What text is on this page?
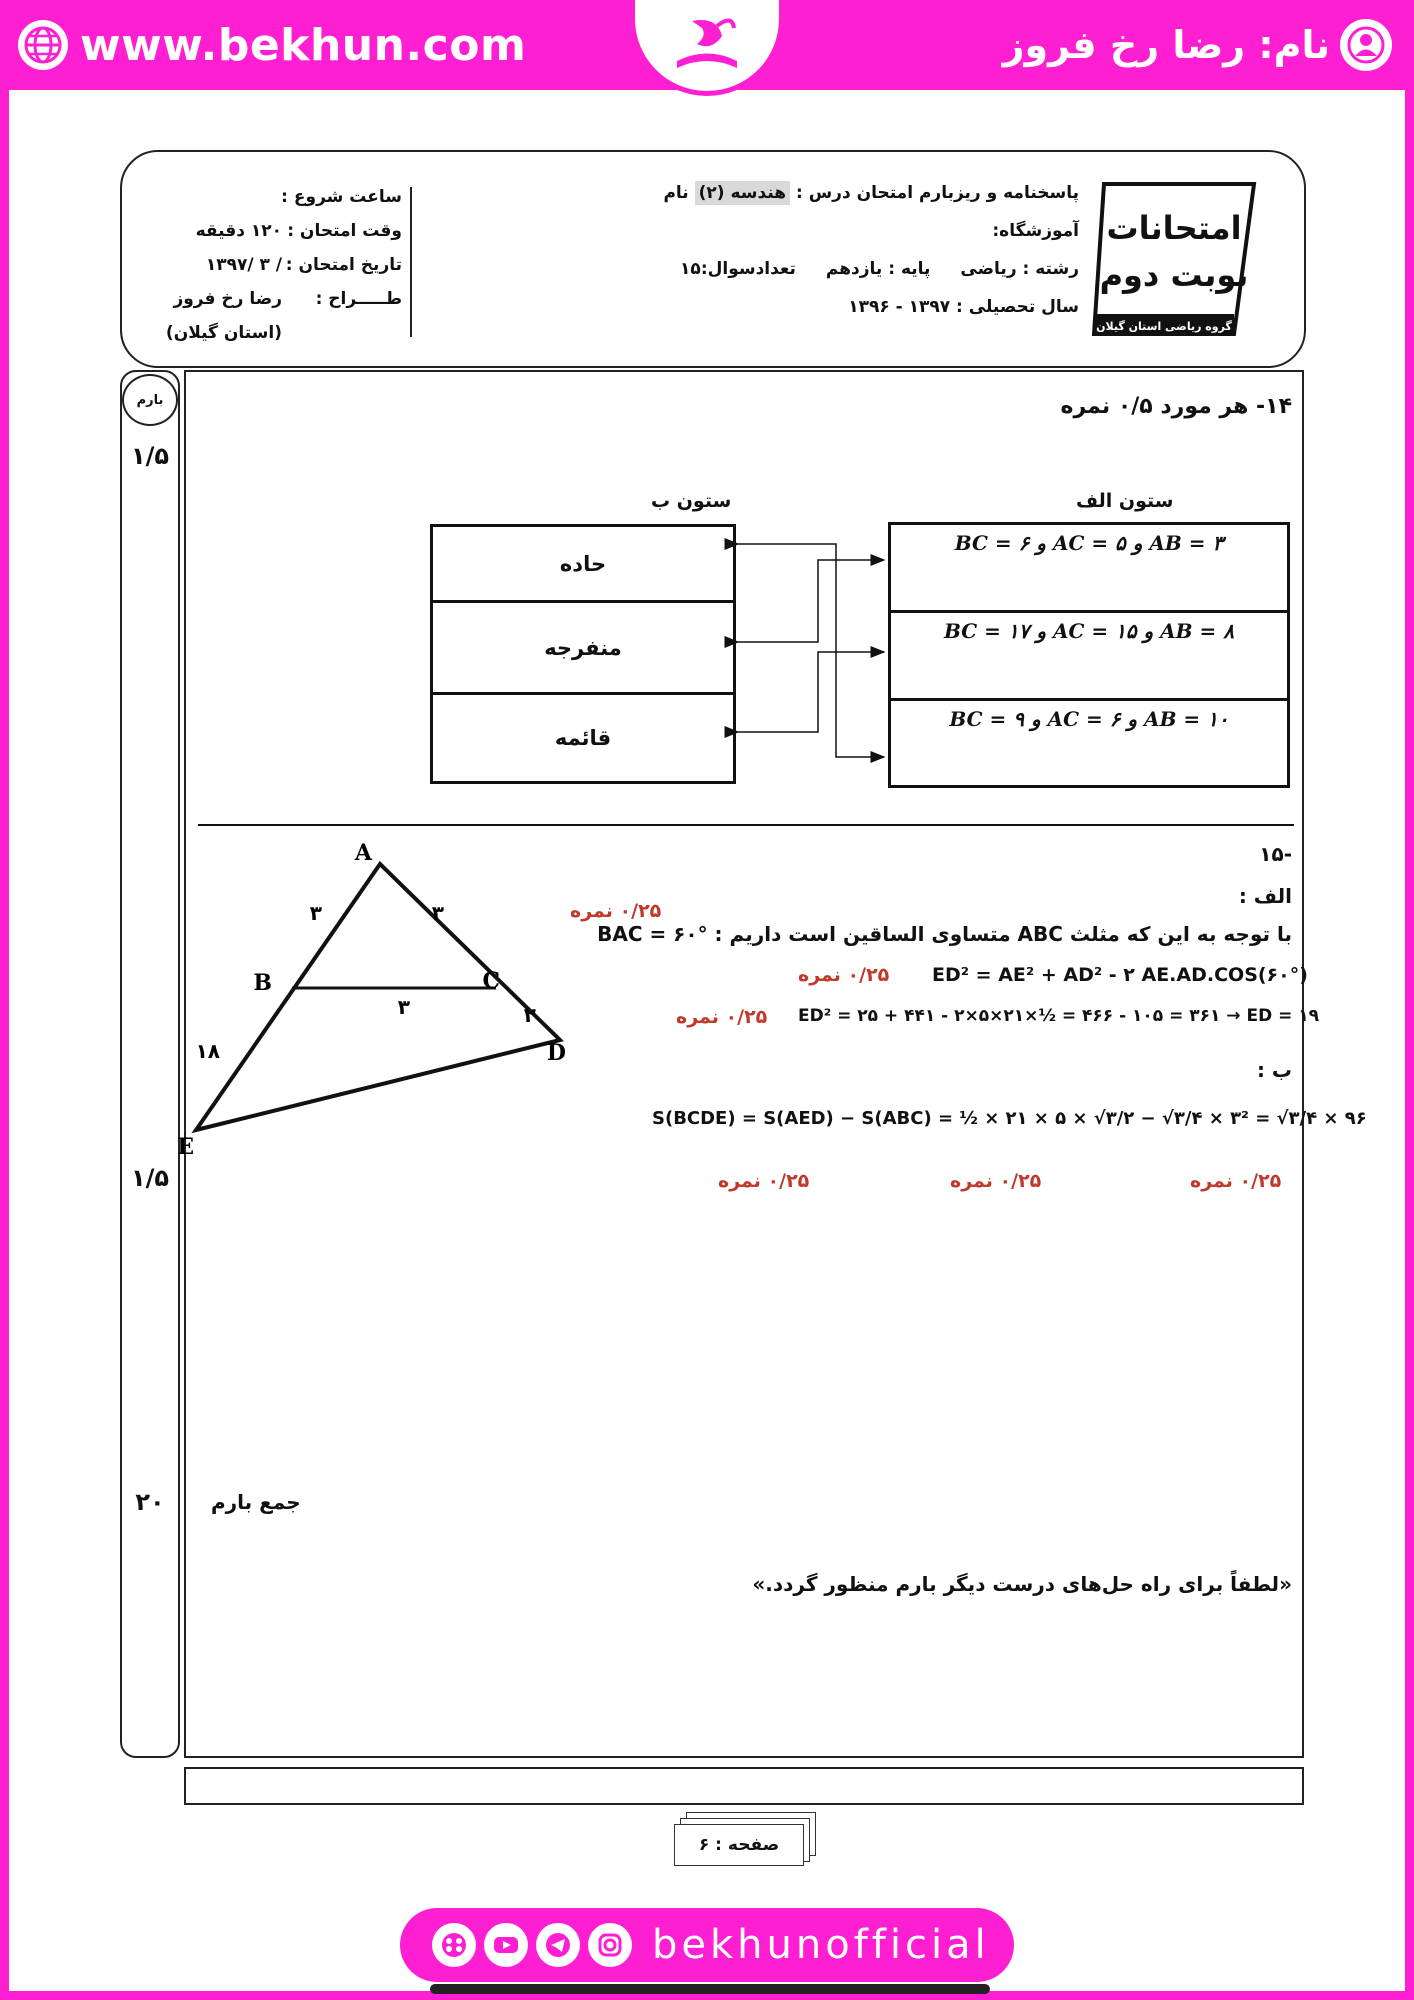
www.bekhun.com	نام: رضا رخ فروز
امتحانات
نوبت دوم
گروه ریاضی استان گیلان
پاسخنامه و ریزبارم امتحان درس : هندسه (۲) نام آموزشگاه:
رشته : ریاضی
پایه : یازدهم
تعدادسوال:۱۵
سال تحصیلی : ۱۳۹۷ - ۱۳۹۶
ساعت شروع :
وقت امتحان :
۱۲۰ دقیقه
تاریخ امتحان :
/ ۳ /۱۳۹۷
طـــــراح :
رضا رخ فروز
(استان گیلان)
بارم
۱/۵
۱/۵
۲۰
۱۴- هر مورد ۰/۵ نمره
ستون الف
ستون ب
AB = ۳ و AC = ۵ و BC = ۶
AB = ۸ و AC = ۱۵ و BC = ۱۷
AB = ۱۰ و AC = ۶ و BC = ۹
حاده
منفرجه
قائمه
-۱۵
الف :
با توجه به این که مثلث ABC متساوی الساقین است داریم : BAC = ۶۰°
۰/۲۵ نمره
ED² = AE² + AD² - ۲ AE.AD.COS(۶۰°)
۰/۲۵ نمره
ED² = ۲۵ + ۴۴۱ - ۲×۵×۲۱×½ = ۴۶۶ - ۱۰۵ = ۳۶۱ → ED = ۱۹
۰/۲۵ نمره
ب :
S(BCDE) = S(AED) − S(ABC) = ½ × ۲۱ × ۵ × √۳/۲ − √۳/۴ × ۳² = √۳/۴ × ۹۶
۰/۲۵ نمره
۰/۲۵ نمره
۰/۲۵ نمره
A
B	C
D
E
۳	۳
۳	۲
۱۸
جمع بارم
«لطفاً برای راه حل‌های درست دیگر بارم منظور گردد.»
صفحه : ۶
bekhunofficial
